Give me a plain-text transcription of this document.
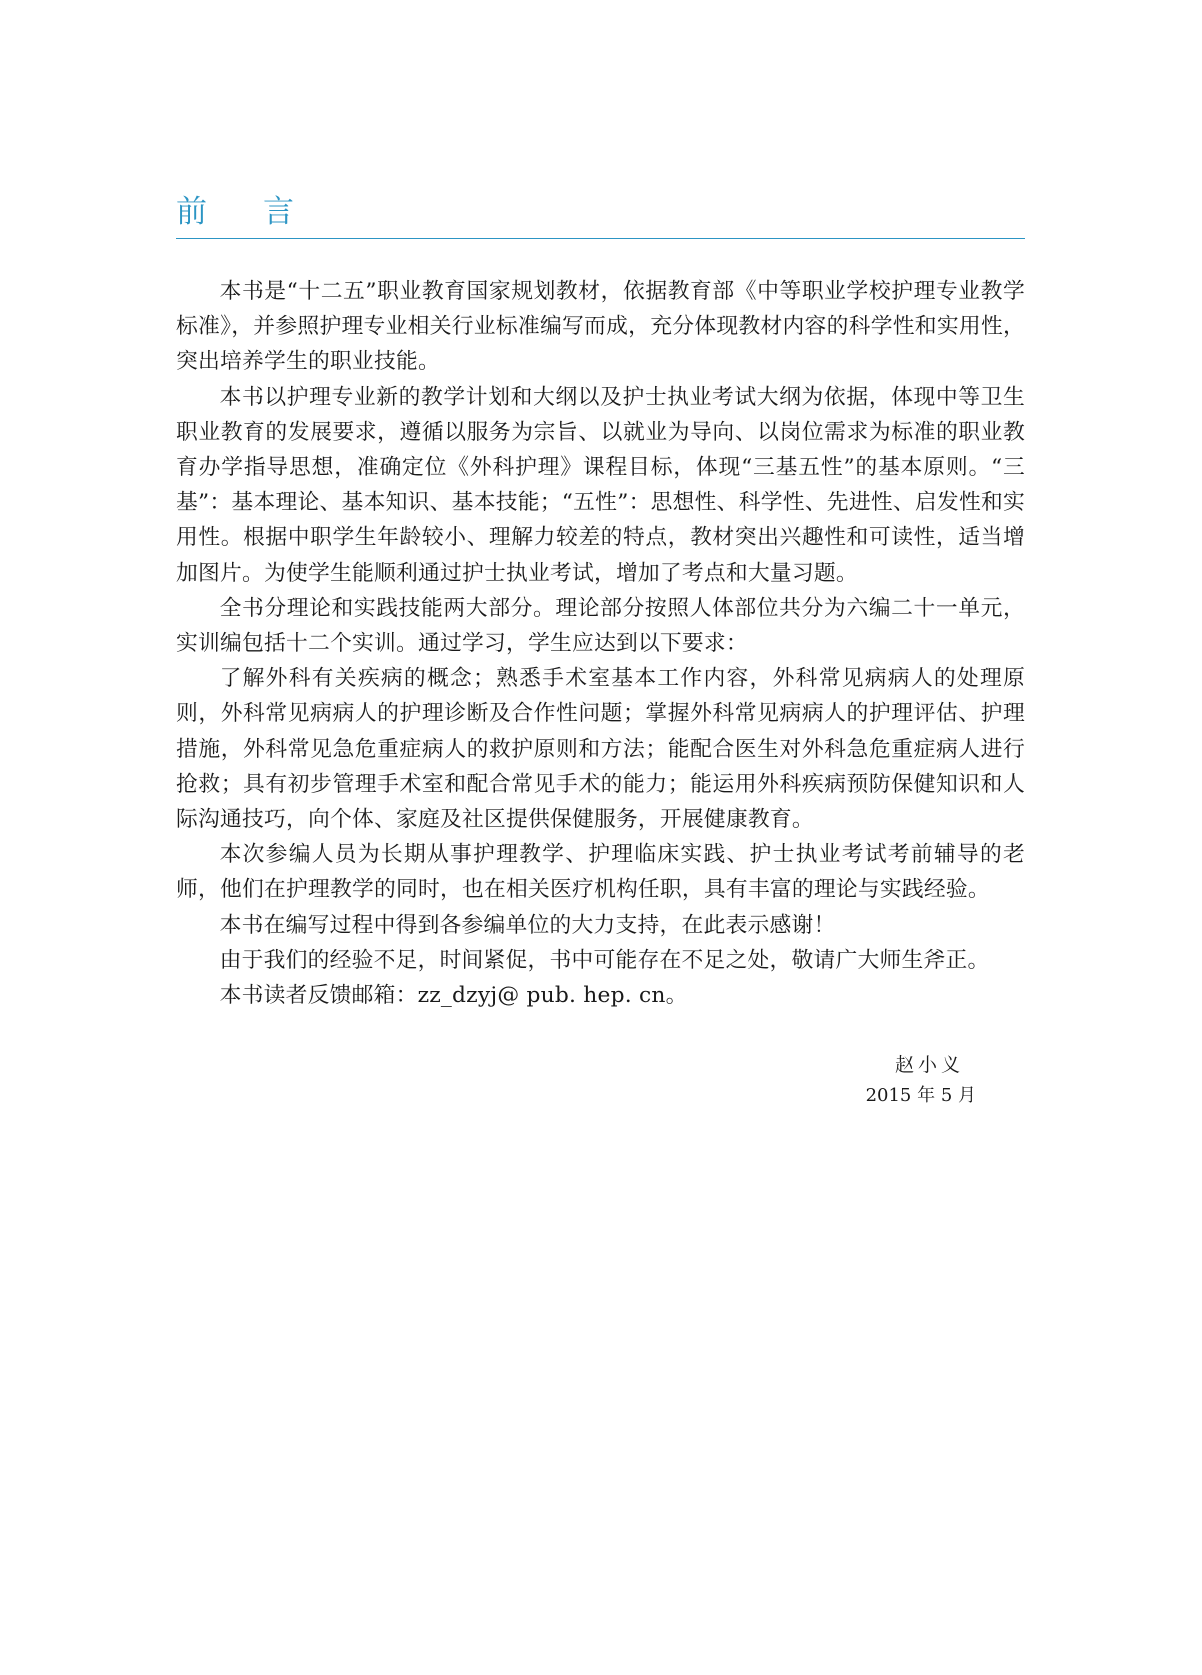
前 言

本书是“十二五”职业教育国家规划教材，依据教育部《中等职业学校护理专业教学标准》，并参照护理专业相关行业标准编写而成，充分体现教材内容的科学性和实用性，突出培养学生的职业技能。

本书以护理专业新的教学计划和大纲以及护士执业考试大纲为依据，体现中等卫生职业教育的发展要求，遵循以服务为宗旨、以就业为导向、以岗位需求为标准的职业教育办学指导思想，准确定位《外科护理》课程目标，体现“三基五性”的基本原则。“三基”：基本理论、基本知识、基本技能；“五性”：思想性、科学性、先进性、启发性和实用性。根据中职学生年龄较小、理解力较差的特点，教材突出兴趣性和可读性，适当增加图片。为使学生能顺利通过护士执业考试，增加了考点和大量习题。

全书分理论和实践技能两大部分。理论部分按照人体部位共分为六编二十一单元，实训编包括十二个实训。通过学习，学生应达到以下要求：

了解外科有关疾病的概念；熟悉手术室基本工作内容，外科常见病病人的处理原则，外科常见病病人的护理诊断及合作性问题；掌握外科常见病病人的护理评估、护理措施，外科常见急危重症病人的救护原则和方法；能配合医生对外科急危重症病人进行抢救；具有初步管理手术室和配合常见手术的能力；能运用外科疾病预防保健知识和人际沟通技巧，向个体、家庭及社区提供保健服务，开展健康教育。

本次参编人员为长期从事护理教学、护理临床实践、护士执业考试考前辅导的老师，他们在护理教学的同时，也在相关医疗机构任职，具有丰富的理论与实践经验。

本书在编写过程中得到各参编单位的大力支持，在此表示感谢！

由于我们的经验不足，时间紧促，书中可能存在不足之处，敬请广大师生斧正。

本书读者反馈邮箱：zz_dzyj@ pub. hep. cn。

赵小义
2015 年 5 月
